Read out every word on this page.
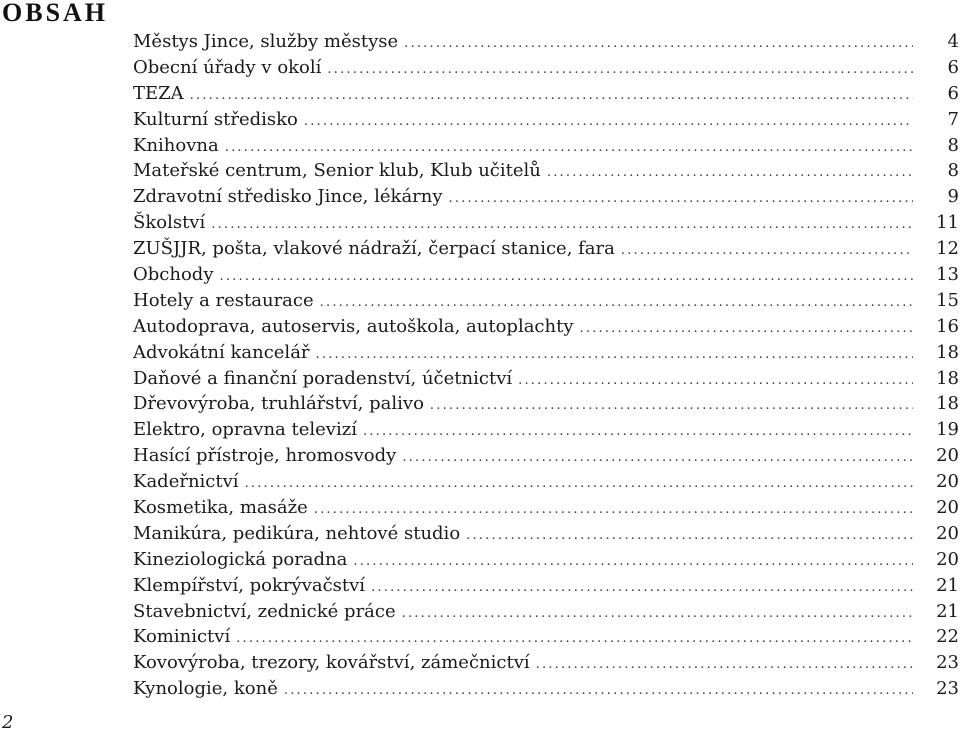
OBSAH
Městys Jince, služby městyse .....	4
Obecní úřady v okolí .....	6
TEZA .....	6
Kulturní středisko .....	7
Knihovna .....	8
Mateřské centrum, Senior klub, Klub učitelů .....	8
Zdravotní středisko Jince, lékárny .....	9
Školství .....	11
ZUŠJJR, pošta, vlakové nádraží, čerpací stanice, fara .....	12
Obchody .....	13
Hotely a restaurace .....	15
Autodoprava, autoservis, autoškola, autoplachty .....	16
Advokátní kancelář .....	18
Daňové a finanční poradenství, účetnictví .....	18
Dřevovýroba, truhlářství, palivo .....	18
Elektro, opravna televizí .....	19
Hasící přístroje, hromosvody .....	20
Kadeřnictví .....	20
Kosmetika, masáže .....	20
Manikúra, pedikúra, nehtové studio .....	20
Kineziologická poradna .....	20
Klempířství, pokrývačství .....	21
Stavebnictví, zednické práce .....	21
Kominictví .....	22
Kovovýroba, trezory, kovářství, zámečnictví .....	23
Kynologie, koně .....	23

2
